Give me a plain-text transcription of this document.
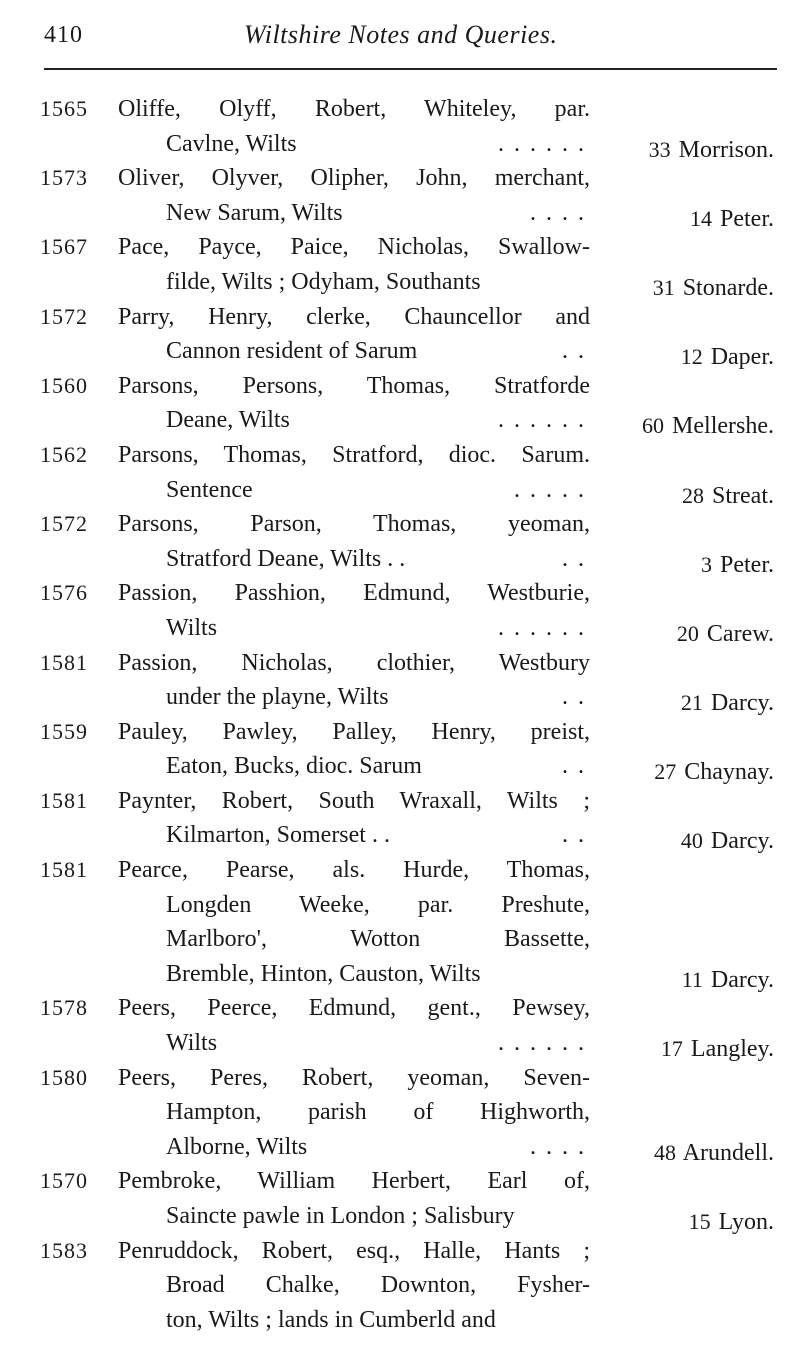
410	Wiltshire Notes and Queries.
1565 Oliffe, Olyff, Robert, Whiteley, par.
Cavlne, Wilts	. . . . . .	33 Morrison.
1573 Oliver, Olyver, Olipher, John, merchant,
New Sarum, Wilts	. . . .	14 Peter.
1567 Pace, Payce, Paice, Nicholas, Swallow-
filde, Wilts ; Odyham, Southants	31 Stonarde.
1572 Parry, Henry, clerke, Chauncellor and
Cannon resident of Sarum	. .	12 Daper.
1560 Parsons, Persons, Thomas, Stratforde
Deane, Wilts	. . . . . .	60 Mellershe.
1562 Parsons, Thomas, Stratford, dioc. Sarum.
Sentence	. . . . .	28 Streat.
1572 Parsons, Parson, Thomas, yeoman,
Stratford Deane, Wilts . .	. .	3 Peter.
1576 Passion, Passhion, Edmund, Westburie,
Wilts	. . . . . .	20 Carew.
1581 Passion, Nicholas, clothier, Westbury
under the playne, Wilts	. .	21 Darcy.
1559 Pauley, Pawley, Palley, Henry, preist,
Eaton, Bucks, dioc. Sarum	. .	27 Chaynay.
1581 Paynter, Robert, South Wraxall, Wilts ;
Kilmarton, Somerset . .	. .	40 Darcy.
1581 Pearce, Pearse, als. Hurde, Thomas,
Longden Weeke, par. Preshute,
Marlboro', Wotton Bassette,
Bremble, Hinton, Causton, Wilts	11 Darcy.
1578 Peers, Peerce, Edmund, gent., Pewsey,
Wilts	. . . . . .	17 Langley.
1580 Peers, Peres, Robert, yeoman, Seven-
Hampton, parish of Highworth,
Alborne, Wilts	. . . .	48 Arundell.
1570 Pembroke, William Herbert, Earl of,
Saincte pawle in London ; Salisbury	15 Lyon.
1583 Penruddock, Robert, esq., Halle, Hants ;
Broad Chalke, Downton, Fysher-
ton, Wilts ; lands in Cumberld and
